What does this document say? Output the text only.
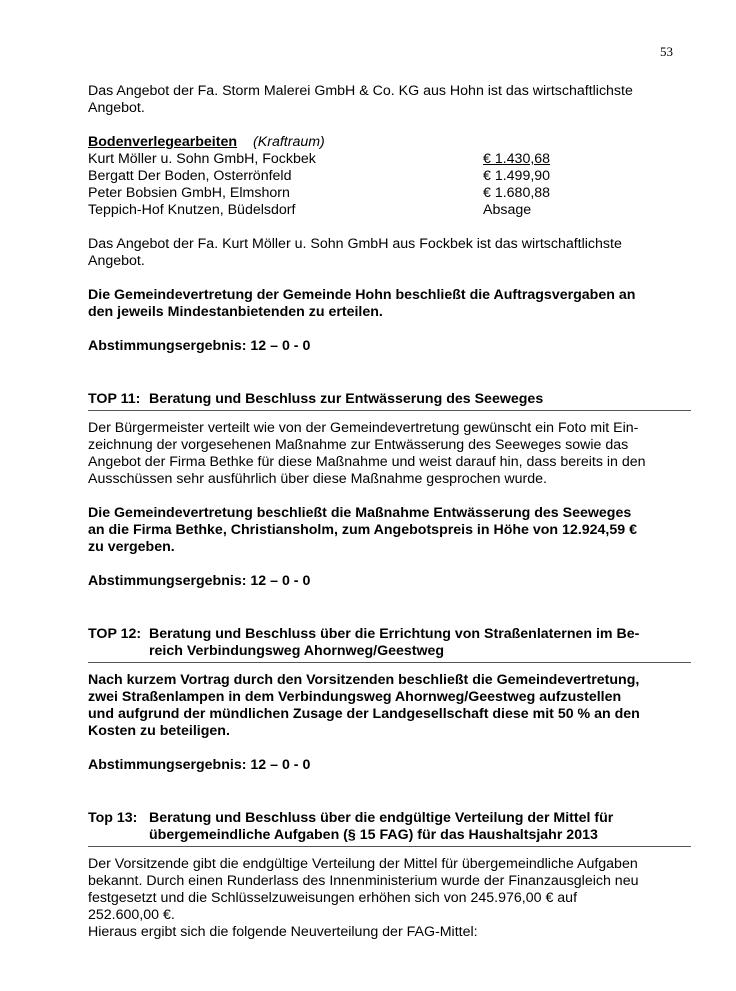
53

Das Angebot der Fa. Storm Malerei GmbH & Co. KG aus Hohn ist das wirtschaftlichste

Angebot.

Bodenverlegearbeiten (Kraftraum)
Kurt Möller u. Sohn GmbH, Fockbek	€ 1.430,68
Bergatt Der Boden, Osterrönfeld	€ 1.499,90
Peter Bobsien GmbH, Elmshorn	€ 1.680,88
Teppich-Hof Knutzen, Büdelsdorf	Absage

Das Angebot der Fa. Kurt Möller u. Sohn GmbH aus Fockbek ist das wirtschaftlichste

Angebot.

Die Gemeindevertretung der Gemeinde Hohn beschließt die Auftragsvergaben an

den jeweils Mindestanbietenden zu erteilen.

Abstimmungsergebnis: 12 – 0 - 0

TOP 11: Beratung und Beschluss zur Entwässerung des Seeweges

Der Bürgermeister verteilt wie von der Gemeindevertretung gewünscht ein Foto mit Ein-

zeichnung der vorgesehenen Maßnahme zur Entwässerung des Seeweges sowie das

Angebot der Firma Bethke für diese Maßnahme und weist darauf hin, dass bereits in den

Ausschüssen sehr ausführlich über diese Maßnahme gesprochen wurde.

Die Gemeindevertretung beschließt die Maßnahme Entwässerung des Seeweges

an die Firma Bethke, Christiansholm, zum Angebotspreis in Höhe von 12.924,59 €

zu vergeben.

Abstimmungsergebnis: 12 – 0 - 0

TOP 12: Beratung und Beschluss über die Errichtung von Straßenlaternen im Be-
reich Verbindungsweg Ahornweg/Geestweg

Nach kurzem Vortrag durch den Vorsitzenden beschließt die Gemeindevertretung,

zwei Straßenlampen in dem Verbindungsweg Ahornweg/Geestweg aufzustellen

und aufgrund der mündlichen Zusage der Landgesellschaft diese mit 50 % an den

Kosten zu beteiligen.

Abstimmungsergebnis: 12 – 0 - 0

Top 13: Beratung und Beschluss über die endgültige Verteilung der Mittel für
übergemeindliche Aufgaben (§ 15 FAG) für das Haushaltsjahr 2013

Der Vorsitzende gibt die endgültige Verteilung der Mittel für übergemeindliche Aufgaben

bekannt. Durch einen Runderlass des Innenministerium wurde der Finanzausgleich neu

festgesetzt und die Schlüsselzuweisungen erhöhen sich von 245.976,00 € auf

252.600,00 €.

Hieraus ergibt sich die folgende Neuverteilung der FAG-Mittel:
